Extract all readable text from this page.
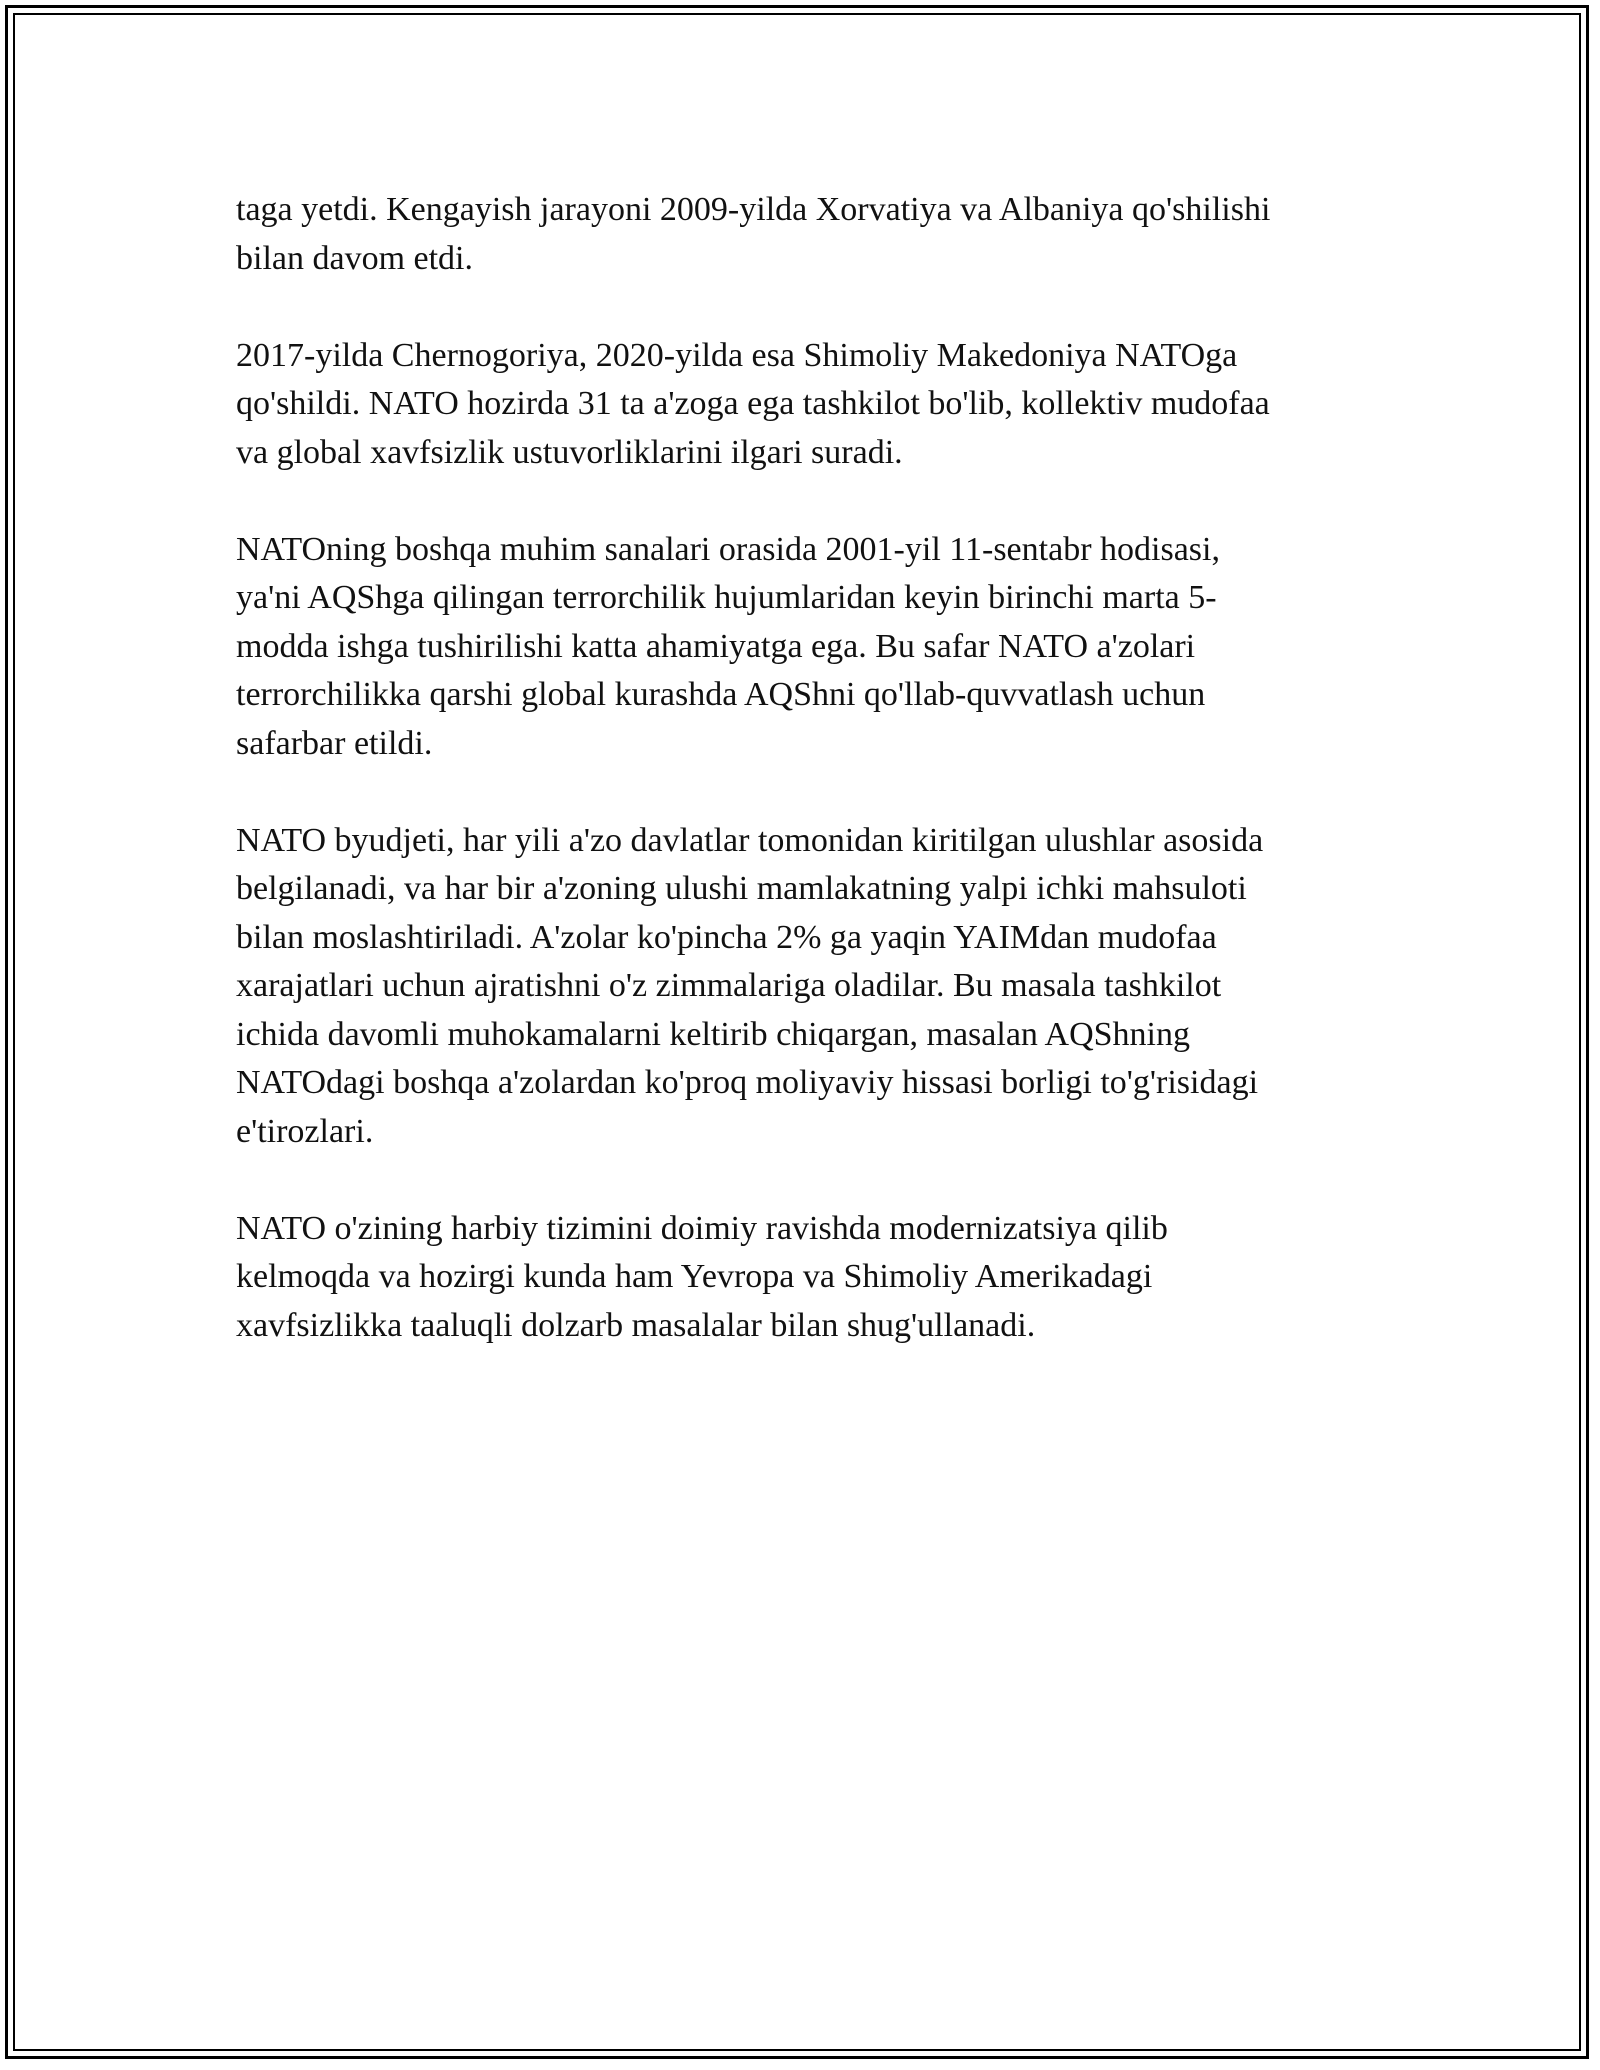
taga yetdi. Kengayish jarayoni 2009-yilda Xorvatiya va Albaniya qo'shilishi
bilan davom etdi.

2017-yilda Chernogoriya, 2020-yilda esa Shimoliy Makedoniya NATOga
qo'shildi. NATO hozirda 31 ta a'zoga ega tashkilot bo'lib, kollektiv mudofaa
va global xavfsizlik ustuvorliklarini ilgari suradi.

NATOning boshqa muhim sanalari orasida 2001-yil 11-sentabr hodisasi,
ya'ni AQShga qilingan terrorchilik hujumlaridan keyin birinchi marta 5-
modda ishga tushirilishi katta ahamiyatga ega. Bu safar NATO a'zolari
terrorchilikka qarshi global kurashda AQShni qo'llab-quvvatlash uchun
safarbar etildi.

NATO byudjeti, har yili a'zo davlatlar tomonidan kiritilgan ulushlar asosida
belgilanadi, va har bir a'zoning ulushi mamlakatning yalpi ichki mahsuloti
bilan moslashtiriladi. A'zolar ko'pincha 2% ga yaqin YAIMdan mudofaa
xarajatlari uchun ajratishni o'z zimmalariga oladilar. Bu masala tashkilot
ichida davomli muhokamalarni keltirib chiqargan, masalan AQShning
NATOdagi boshqa a'zolardan ko'proq moliyaviy hissasi borligi to'g'risidagi
e'tirozlari.

NATO o'zining harbiy tizimini doimiy ravishda modernizatsiya qilib
kelmoqda va hozirgi kunda ham Yevropa va Shimoliy Amerikadagi
xavfsizlikka taaluqli dolzarb masalalar bilan shug'ullanadi.
